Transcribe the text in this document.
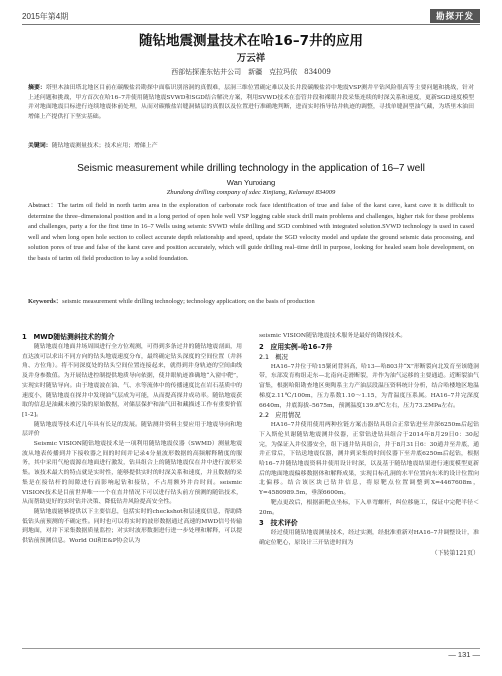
2015年第4期	勘探开发
随钻地震测量技术在哈16–7井的应用
万云祥
西部钻探准东钻井公司　新疆　克拉玛依　834009
摘要：塔里木油田塔北地区目前在碳酸盐岩勘探中面临识别溶洞的真假难，层洞三维位置确定难以及长井段碳酸盐岩中地震VSP测井平钻风险很高等主要问题和挑战，针对上述问题和挑战，甲方首次在哈16–7井使用随钻地震SVWD和SGD结合解决方案，利用SVWD技术在套管井段和裸眼井段采集连续的时深关系和速度，更新SGD速度模型并对地面地震目标进行连续地震体前处理，从而对碳酸盐岩缝洞储层的真假以及位置进行准确地判断，进而实时指导钻井轨迹的调整，寻找单缝洞型油气藏，为塔里木油田增储上产提供打下坚实基础。
关键词：随钻地震测量技术；技术应用；增储上产
Seismic measurement while drilling technology in the application of 16–7 well
Wan Yunxiang
Zhundong drilling company of xdec Xinjiang, Kelamayi 834009
Abstract：The tarim oil field in north tarim area in the exploration of carbonate rock face identification of true and false of the karst cave, karst cave it is difficult to determine the three–dimensional position and in a long period of open hole well VSP logging cable stuck drill main problems and challenges, higher risk for these problems and challenges, party a for the first time in 16–7 Wells using seismic SVWD while drilling and SGD combined with integrated solution.SVWD technology is used in cased well and when long open hole section to collect accurate depth relationship and speed, update the SGD velocity model and update the ground seismic data processing, and solution pores of true and false of the karst cave and position accurately, which will guide drilling real–time drill in purpose, looking for healed seam hole development, on the basis of tarim oil field production to lay a solid foundation.
Keywords：seismic measurement while drilling technology; technology application; on the basis of production
1　MWD随钻测斜技术的简介

随钻地震在地面井场周围进行全方位观测，可得到多条过井的随钻地震剖面，用直达波可以求出不同方向的钻头地震速度分布，最终确定钻头深度的空间位置（井斜角、方位角）。将不同深度处的钻头空间位置连接起来，就得到井身轨迹的空间曲线及井身参数值。为开展钻进控制提供地质导向依据，使井眼轨迹准确地“入窗中靶”，实现实时随钻导向。由于地震波在油、气、水等流体中的传播速度比在岩石基质中的速度小，随钻地震在探井中发现油气层成为可能，从而提高探井成功率。随钻地震获取的信息是油藏未被污染的原始数据，对储层保护和油气田和藏描述工作有重要价值[1-2]。

随钻地震等技术近几年具有长足的发展。随钻测井资料主要应用于地震导向和地层评价

Seismic VISION随钻地震技术是一项利用随钻地震仪器（SWMD）测量地震波从地表传播到井下接收器之间的时间并记录4分量波形数据的高频解释精度的服务，其中采用气枪震源在地面进行激发，钻具组合上的随钻地震仪在井中进行波形采集。该技术最大的特点就是实时性，能够提供实时的时深关系和速度，并且数据的采集是在接钻杆的间隙进行而影响起钻和接钻，不占用额外井台时间。seismic VISION技术是目前世界唯一一个在直井情况下可以进行钻头前方预测的随钻技术，从而帮助更好的实时钻井决策、降低钻井风险提高安全性。

随钻地震能够提供以下主要信息，包括实时的checkshot和层速度信息，帮助降低钻头前预测的不确定性。同时也可以将实时的波形数据通过高速的MWD信号传输到地面，对并下采集数据质量监控；对实时波形数据进行进一步处理和解释，可以提供钻前预测信息。World Oil和E&P协会认为

seismic VISION随钻地震技术服务是最好的勘探技术。

2　应用实例–哈16–7井
2.1　概况

HA16–7井位于哈15緊闭背斜高，哈13—哈803井“X”形断裂向北发育至该缝洞带，东部发育构组走东—北南向走滑断裂，并作为油气运移的主要通道。近断裂油气富集，根据哈阳勘查地区奥陶系主力产油层段温压资料统计分析，结合哈楼地区地温梯度2.11℃/100m，压力系数1.10～1.15，为背温度压系属。HA16–7井完深度6640m，井底海拔–5675m，预测温度139.8℃左右，压力73.2MPa左右。

2.2　应用情况

HA16–7井使用使用两种拉链方案击器钻具组合正常钻进至井深6250m后起钻下入斯伦贝谢随钻地震测井仪器，正常钻进钻具组合于2014年8月29日0：30起完，为保证入井仪器安全，组下通井钻具组合，井于8月31日6：30通井至井底，通井正常后，下钻送地震仪器，测井到采集的时间仪器下至井底6250m后起钻，根据哈16–7井随钻地震资料井使用设计时深，以及基于随钻地震结果进行速度模型更新后的地面地震偏移数据体和解释成果，实现目标孔洞的水平位置向东米的设计位置向北偏移。结合该区块已钻井信息，将原靶点位置调整到X=4467608m，Y=4580989.5m，垂深6600m。

靶点更改后，根据新靶点坐标，下入单弯螺杆，纠位移施工，保证中完靶半径＜20m。

3　技术评价

经过使用随钻地震测量技术，经过实测，经批准重新对HA16–7井调整设计，准确定位靶心，原设计三开钻进时间为

（下转第121页）
— 131 —
